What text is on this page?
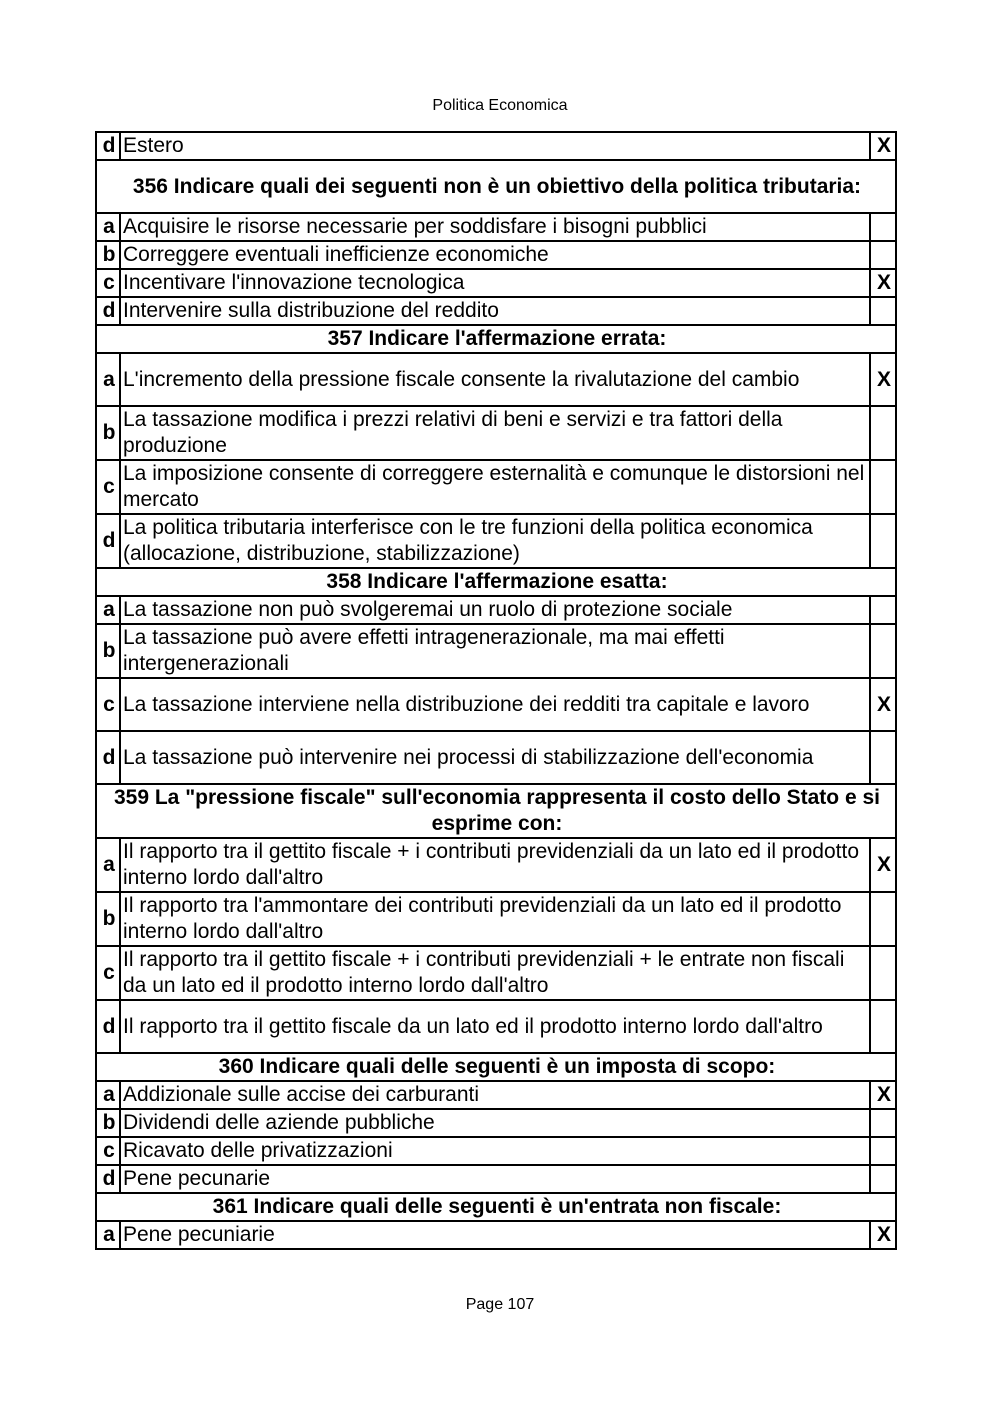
Politica Economica
d	Estero	X
356 Indicare quali dei seguenti non è un obiettivo della politica tributaria:		
a	Acquisire le risorse necessarie per soddisfare i bisogni pubblici	
b	Correggere eventuali inefficienze economiche	
c	Incentivare l'innovazione tecnologica	X
d	Intervenire sulla distribuzione del reddito	
357 Indicare l'affermazione errata:		
a	L'incremento della pressione fiscale consente la rivalutazione del cambio	X
b	La tassazione modifica i prezzi relativi di beni e servizi e tra fattori della produzione	
c	La imposizione consente di correggere esternalità e comunque le distorsioni nel mercato	
d	La politica tributaria interferisce con le tre funzioni della politica economica (allocazione, distribuzione, stabilizzazione)	
358 Indicare l'affermazione esatta:		
a	La tassazione non può svolgeremai un ruolo di protezione sociale	
b	La tassazione può avere effetti intragenerazionale, ma mai effetti intergenerazionali	
c	La tassazione interviene nella distribuzione dei redditi tra capitale e lavoro	X
d	La tassazione può intervenire nei processi di stabilizzazione dell'economia	
359 La "pressione fiscale" sull'economia rappresenta il costo dello Stato e si esprime con:		
a	Il rapporto tra il gettito fiscale + i contributi previdenziali da un lato ed il prodotto interno lordo dall'altro	X
b	Il rapporto tra l'ammontare dei contributi previdenziali da un lato ed il prodotto interno lordo dall'altro	
c	Il rapporto tra il gettito fiscale + i contributi previdenziali + le entrate non fiscali da un lato ed il prodotto interno lordo dall'altro	
d	Il rapporto tra il gettito fiscale da un lato ed il prodotto interno lordo dall'altro	
360 Indicare quali delle seguenti è un imposta di scopo:		
a	Addizionale sulle accise dei carburanti	X
b	Dividendi delle aziende pubbliche	
c	Ricavato delle privatizzazioni	
d	Pene pecunarie	
361 Indicare quali delle seguenti è un'entrata non fiscale:		
a	Pene pecuniarie	X
Page 107
